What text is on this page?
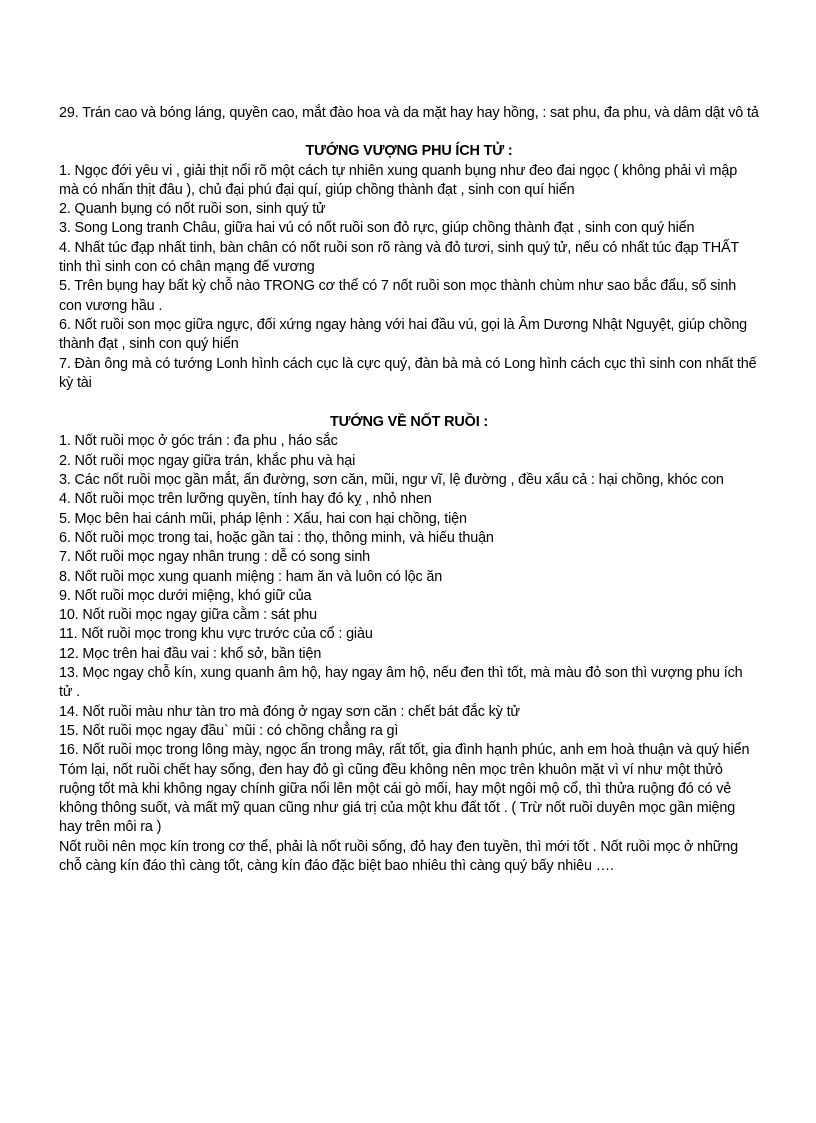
29. Trán cao và bóng láng, quyền cao, mắt đào hoa và da mặt hay hay hồng, : sat phu, đa phu, và dâm dật vô tả

TƯỚNG VƯỢNG PHU ÍCH TỬ :

1. Ngọc đới yêu vi , giải thịt nổi rõ một cách tự nhiên xung quanh bụng như đeo đai ngọc ( không phải vì mập mà có nhấn thịt đâu ), chủ đại phú đại quí, giúp chồng thành đạt , sinh con quí hiển
2. Quanh bụng có nốt ruồi son, sinh quý tử
3. Song Long tranh Châu, giữa hai vú có nốt ruồi son đỏ rực, giúp chồng thành đạt , sinh con quý hiển
4. Nhất túc đạp nhất tinh, bàn chân có nốt ruồi son rõ ràng và đỏ tươi, sinh quý tử, nếu có nhất túc đạp THẤT tinh thì sinh con có chân mạng đế vương
5. Trên bụng hay bất kỳ chỗ nào TRONG cơ thể có 7 nốt ruồi son mọc thành chùm như sao bắc đẩu, số sinh con vương hầu .
6. Nốt ruồi son mọc giữa ngực, đối xứng ngay hàng với hai đầu vú, gọi là Âm Dương Nhật Nguyệt, giúp chồng thành đạt , sinh con quý hiển
7. Đàn ông mà có tướng Lonh hình cách cục là cực quý, đàn bà mà có Long hình cách cục thì sinh con nhất thế kỳ tài

TƯỚNG VỀ NỐT RUỒI :

1. Nốt ruồi mọc ở góc trán : đa phu , háo sắc
2. Nốt ruồi mọc ngay giữa trán, khắc phu và hại
3. Các nốt ruồi mọc gần mắt, ấn đường, sơn căn, mũi, ngư vĩ, lệ đường , đều xấu cả : hại chồng, khóc con
4. Nốt ruồi mọc trên lưỡng quyền, tính hay đó kỵ , nhỏ nhen
5. Mọc bên hai cánh mũi, pháp lệnh : Xấu, hai con hại chồng, tiện
6. Nốt ruồi mọc trong tai, hoặc gần tai : thọ, thông minh, và hiếu thuận
7. Nốt ruồi mọc ngay nhân trung : dễ có song sinh
8. Nốt ruồi mọc xung quanh miệng : ham ăn và luôn có lộc ăn
9. Nốt ruồi mọc dưới miệng, khó giữ của
10. Nốt ruồi mọc ngay giữa cằm : sát phu
11. Nốt ruồi mọc trong khu vực trước của cổ : giàu
12. Mọc trên hai đầu vai : khổ sở, bần tiện
13. Mọc ngay chỗ kín, xung quanh âm hộ, hay ngay âm hộ, nếu đen thì tốt, mà màu đỏ son thì vượng phu ích tử .
14. Nốt ruồi màu như tàn tro mà đóng ở ngay sơn căn : chết bát đắc kỳ tử
15. Nốt ruồi mọc ngay đầu` mũi : có chồng chẳng ra gì
16. Nốt ruồi mọc trong lông mày, ngọc ẩn trong mây, rất tốt, gia đình hạnh phúc, anh em hoà thuận và quý hiển

Tóm lại, nốt ruồi chết hay sống, đen hay đỏ gì cũng đều không nên mọc trên khuôn mặt vì ví như một thửỏ ruộng tốt mà khi không ngay chính giữa nổi lên một cái gò mối, hay một ngôi mộ cổ, thì thửa ruộng đó có vẻ không thông suốt, và mất mỹ quan cũng như giá trị của một khu đất tốt . ( Trừ nốt ruồi duyên mọc gần miệng hay trên môi ra )

Nốt ruồi nên mọc kín trong cơ thể, phải là nốt ruồi sống, đỏ hay đen tuyền, thì mới tốt . Nốt ruồi mọc ở những chỗ càng kín đáo thì càng tốt, càng kín đáo đặc biệt bao nhiêu thì càng quý bấy nhiêu ….
